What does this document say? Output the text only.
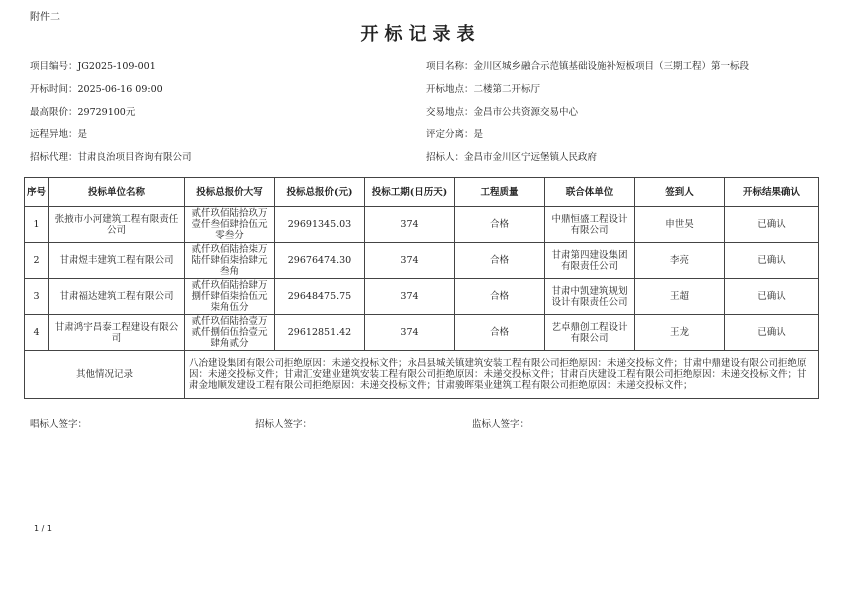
附件二
开标记录表
项目编号：JG2025-109-001	项目名称：金川区城乡融合示范镇基础设施补短板项目（三期工程）第一标段
开标时间：2025-06-16 09:00	开标地点：二楼第二开标厅
最高限价：29729100元	交易地点：金昌市公共资源交易中心
远程异地：是	评定分离：是
招标代理：甘肃良治项目咨询有限公司	招标人：金昌市金川区宁远堡镇人民政府
序号	投标单位名称	投标总报价大写	投标总报价(元)	投标工期(日历天)	工程质量	联合体单位	签到人	开标结果确认
1	张掖市小河建筑工程有限责任公司	贰仟玖佰陆拾玖万壹仟叁佰肆拾伍元零叁分	29691345.03	374	合格	中鼎恒盛工程设计有限公司	申世昊	已确认
2	甘肃煜丰建筑工程有限公司	贰仟玖佰陆拾柒万陆仟肆佰柒拾肆元叁角	29676474.30	374	合格	甘肃第四建设集团有限责任公司	李亮	已确认
3	甘肃福达建筑工程有限公司	贰仟玖佰陆拾肆万捌仟肆佰柒拾伍元柒角伍分	29648475.75	374	合格	甘肃中凯建筑规划设计有限责任公司	王超	已确认
4	甘肃鸿宇昌泰工程建设有限公司	贰仟玖佰陆拾壹万贰仟捌佰伍拾壹元肆角贰分	29612851.42	374	合格	艺卓鼎创工程设计有限公司	王龙	已确认
其他情况记录		八冶建设集团有限公司拒绝原因：未递交投标文件；永昌县城关镇建筑安装工程有限公司拒绝原因：未递交投标文件；甘肃中鼎建设有限公司拒绝原因：未递交投标文件；甘肃汇安建业建筑安装工程有限公司拒绝原因：未递交投标文件；甘肃百庆建设工程有限公司拒绝原因：未递交投标文件；甘肃金地顺发建设工程有限公司拒绝原因：未递交投标文件；甘肃骏晖渠业建筑工程有限公司拒绝原因：未递交投标文件；						
唱标人签字：	招标人签字：	监标人签字：
1 / 1
